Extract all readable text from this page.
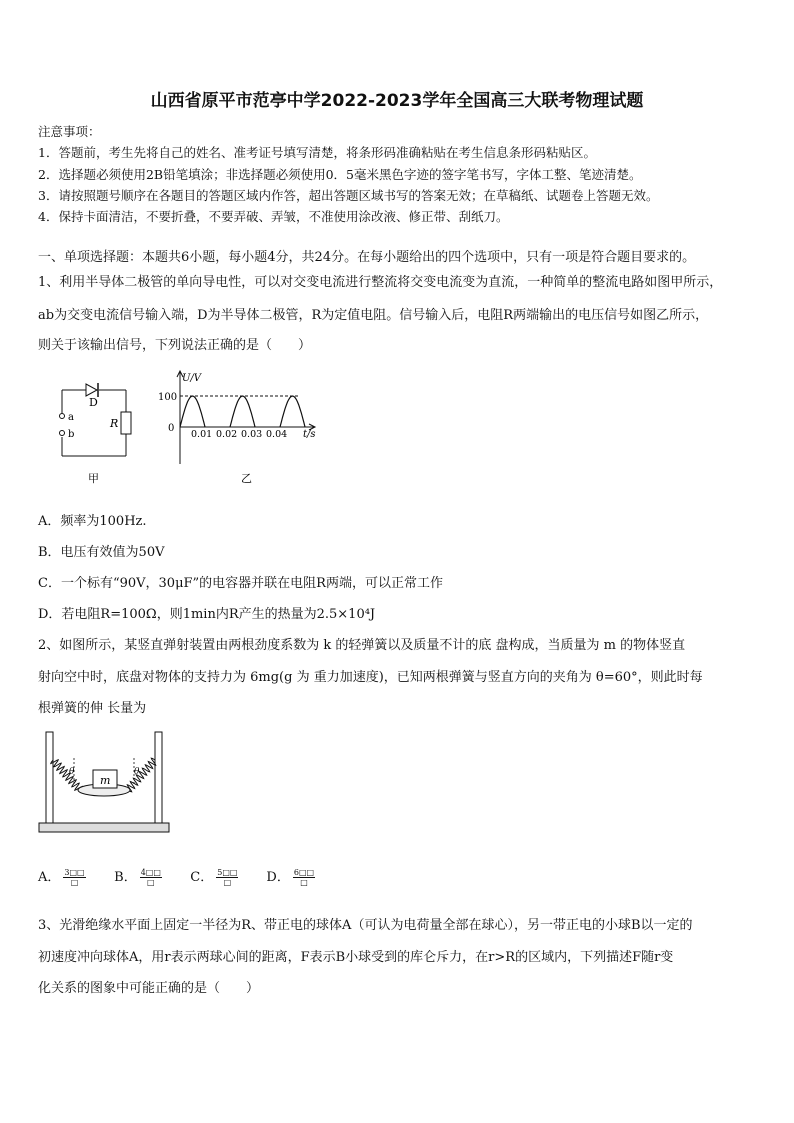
山西省原平市范亭中学2022-2023学年全国高三大联考物理试题
注意事项：
1．答题前，考生先将自己的姓名、准考证号填写清楚，将条形码准确粘贴在考生信息条形码粘贴区。
2．选择题必须使用2B铅笔填涂；非选择题必须使用0．5毫米黑色字迹的签字笔书写，字体工整、笔迹清楚。
3．请按照题号顺序在各题目的答题区域内作答，超出答题区域书写的答案无效；在草稿纸、试题卷上答题无效。
4．保持卡面清洁，不要折叠，不要弄破、弄皱，不准使用涂改液、修正带、刮纸刀。
一、单项选择题：本题共6小题，每小题4分，共24分。在每小题给出的四个选项中，只有一项是符合题目要求的。
1、利用半导体二极管的单向导电性，可以对交变电流进行整流将交变电流变为直流，一种简单的整流电路如图甲所示，
ab为交变电流信号输入端，D为半导体二极管，R为定值电阻。信号输入后，电阻R两端输出的电压信号如图乙所示，
则关于该输出信号，下列说法正确的是（　　）
D
a
b
R
甲
U/V
100
0
0.01 0.02 0.03 0.04 t/s
乙
A．频率为100Hz.
B．电压有效值为50V
C．一个标有“90V，30μF”的电容器并联在电阻R两端，可以正常工作
D．若电阻R=100Ω，则1min内R产生的热量为2.5×10⁴J
2、如图所示，某竖直弹射装置由两根劲度系数为 k 的轻弹簧以及质量不计的底 盘构成，当质量为 m 的物体竖直
射向空中时，底盘对物体的支持力为 6mg(g 为 重力加速度)，已知两根弹簧与竖直方向的夹角为 θ=60°，则此时每
根弹簧的伸 长量为
m
θ	θ
A． $\frac{3□□}{□}$ B． $\frac{4□□}{□}$ C． $\frac{5□□}{□}$ D． $\frac{6□□}{□}$
3、光滑绝缘水平面上固定一半径为R、带正电的球体A（可认为电荷量全部在球心），另一带正电的小球B以一定的
初速度冲向球体A，用r表示两球心间的距离，F表示B小球受到的库仑斥力，在r>R的区域内，下列描述F随r变
化关系的图象中可能正确的是（　　）
